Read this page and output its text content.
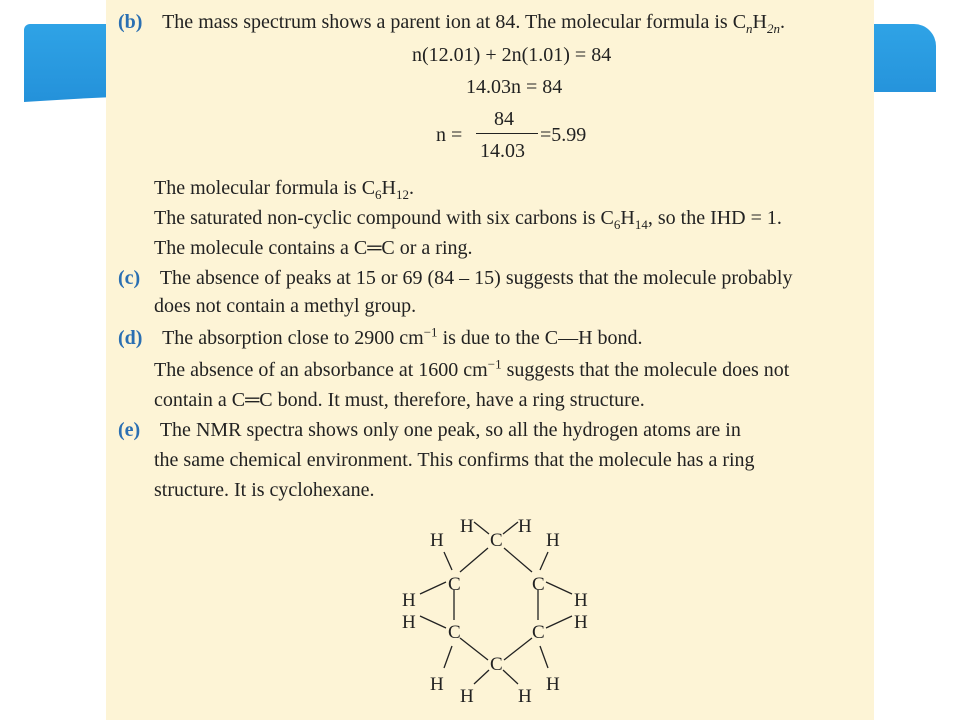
(b) The mass spectrum shows a parent ion at 84. The molecular formula is $C_nH_{2n}$.
n(12.01) + 2n(1.01) = 84
14.03n = 84
n =
84
14.03
=5.99
The molecular formula is $C_6H_{12}$.
The saturated non-cyclic compound with six carbons is $C_6H_{14}$, so the IHD = 1.
The molecule contains a C═C or a ring.
(c) The absence of peaks at 15 or 69 (84 – 15) suggests that the molecule probably
does not contain a methyl group.
(d) The absorption close to 2900 $cm^{-1}$ is due to the C—H bond.
The absence of an absorbance at 1600 $cm^{-1}$ suggests that the molecule does not
contain a C═C bond. It must, therefore, have a ring structure.
(e) The NMR spectra shows only one peak, so all the hydrogen atoms are in
the same chemical environment. This confirms that the molecule has a ring
structure. It is cyclohexane.
C
C	C
C	C
C
H H
H	H
H
H
H
H
H	H
H H
